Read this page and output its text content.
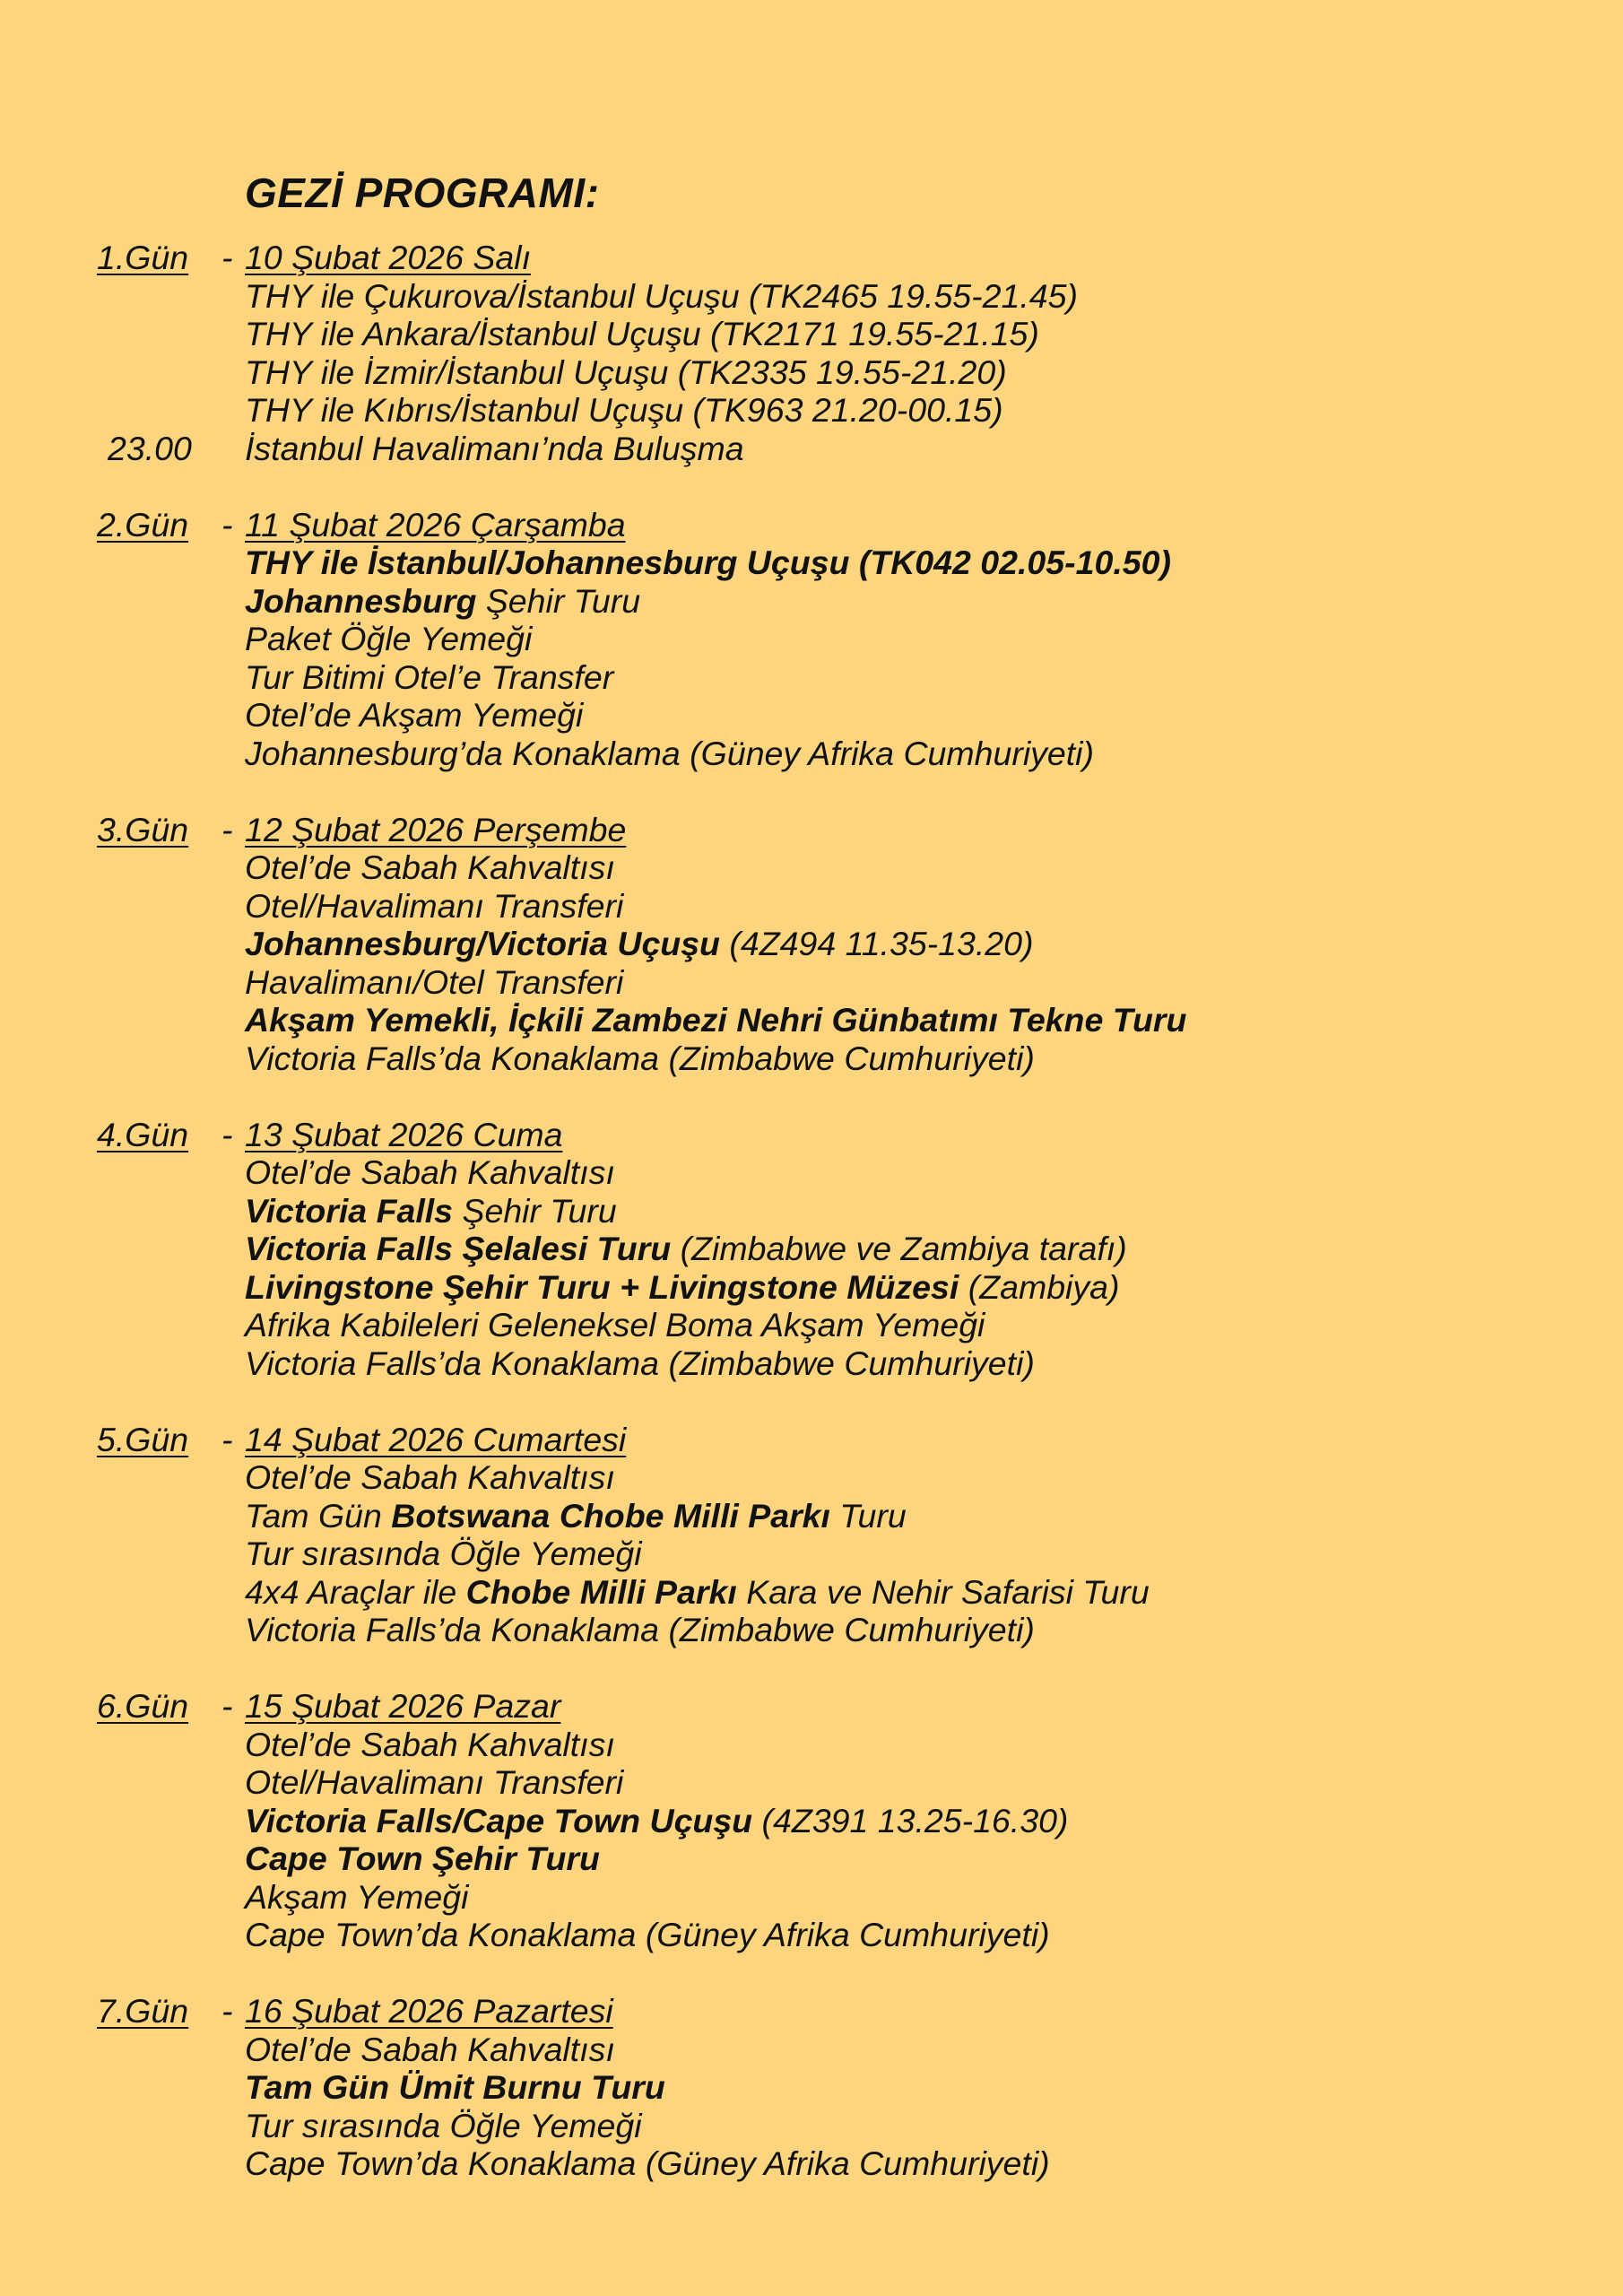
GEZİ PROGRAMI:
1.Gün - 10 Şubat 2026 Salı
THY ile Çukurova/İstanbul Uçuşu (TK2465 19.55-21.45)
THY ile Ankara/İstanbul Uçuşu (TK2171 19.55-21.15)
THY ile İzmir/İstanbul Uçuşu (TK2335 19.55-21.20)
THY ile Kıbrıs/İstanbul Uçuşu (TK963 21.20-00.15)
23.00 İstanbul Havalimanı’nda Buluşma
2.Gün - 11 Şubat 2026 Çarşamba
THY ile İstanbul/Johannesburg Uçuşu (TK042 02.05-10.50)
Johannesburg Şehir Turu
Paket Öğle Yemeği
Tur Bitimi Otel’e Transfer
Otel’de Akşam Yemeği
Johannesburg’da Konaklama (Güney Afrika Cumhuriyeti)
3.Gün - 12 Şubat 2026 Perşembe
Otel’de Sabah Kahvaltısı
Otel/Havalimanı Transferi
Johannesburg/Victoria Uçuşu (4Z494 11.35-13.20)
Havalimanı/Otel Transferi
Akşam Yemekli, İçkili Zambezi Nehri Günbatımı Tekne Turu
Victoria Falls’da Konaklama (Zimbabwe Cumhuriyeti)
4.Gün - 13 Şubat 2026 Cuma
Otel’de Sabah Kahvaltısı
Victoria Falls Şehir Turu
Victoria Falls Şelalesi Turu (Zimbabwe ve Zambiya tarafı)
Livingstone Şehir Turu + Livingstone Müzesi (Zambiya)
Afrika Kabileleri Geleneksel Boma Akşam Yemeği
Victoria Falls’da Konaklama (Zimbabwe Cumhuriyeti)
5.Gün - 14 Şubat 2026 Cumartesi
Otel’de Sabah Kahvaltısı
Tam Gün Botswana Chobe Milli Parkı Turu
Tur sırasında Öğle Yemeği
4x4 Araçlar ile Chobe Milli Parkı Kara ve Nehir Safarisi Turu
Victoria Falls’da Konaklama (Zimbabwe Cumhuriyeti)
6.Gün - 15 Şubat 2026 Pazar
Otel’de Sabah Kahvaltısı
Otel/Havalimanı Transferi
Victoria Falls/Cape Town Uçuşu (4Z391 13.25-16.30)
Cape Town Şehir Turu
Akşam Yemeği
Cape Town’da Konaklama (Güney Afrika Cumhuriyeti)
7.Gün - 16 Şubat 2026 Pazartesi
Otel’de Sabah Kahvaltısı
Tam Gün Ümit Burnu Turu
Tur sırasında Öğle Yemeği
Cape Town’da Konaklama (Güney Afrika Cumhuriyeti)
